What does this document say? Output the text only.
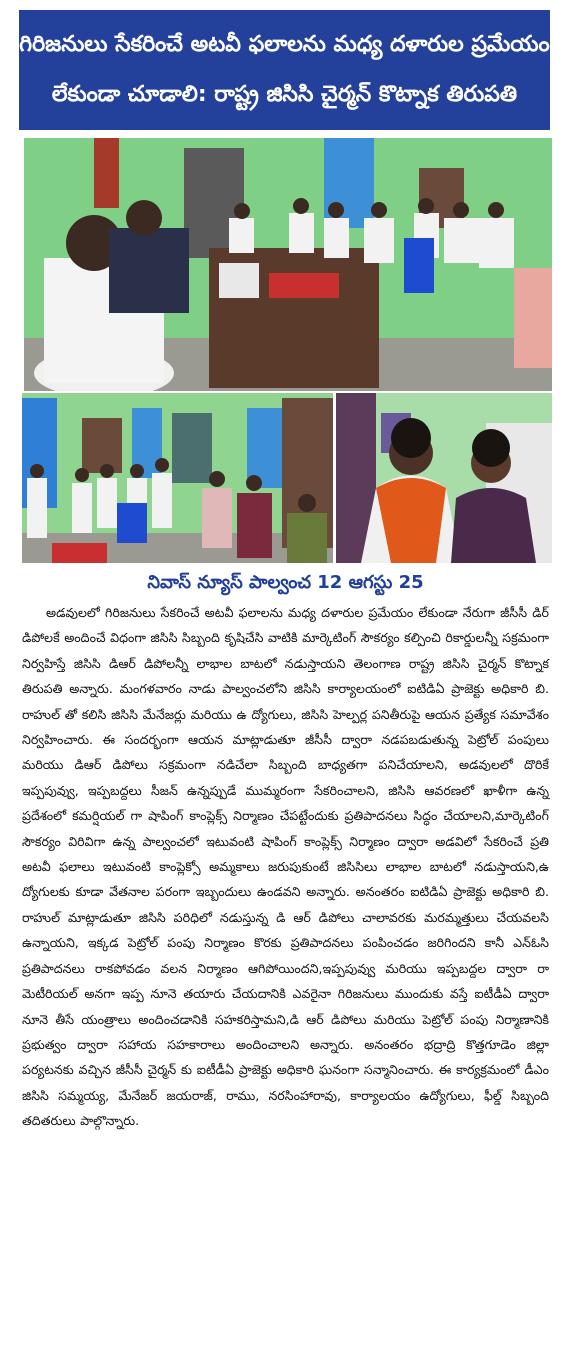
గిరిజనులు సేకరించే అటవీ ఫలాలను మధ్య దళారుల ప్రమేయం
లేకుండా చూడాలి: రాష్ట్ర జిసిసి చైర్మన్ కొట్నాక తిరుపతి
నివాస్ న్యూస్ పాల్వంచ 12 ఆగస్టు 25

అడవులలో గిరిజనులు సేకరించే అటవీ ఫలాలను మధ్య దళారుల ప్రమేయం లేకుండా నేరుగా జీసీసీ డిర్ డిపోలకే అందించే విధంగా జిసిసి సిబ్బంది కృషిచేసి వాటికి మార్కెటింగ్ సౌకర్యం కల్పించి రికార్డులన్నీ సక్రమంగా నిర్వహిస్తే జిసిసి డిఆర్ డిపోలన్నీ లాభాల బాటలో నడుస్తాయని తెలంగాణ రాష్ట్ర జిసిసి చైర్మన్ కొట్నాక తిరుపతి అన్నారు. మంగళవారం నాడు పాల్వంచలోని జిసిసి కార్యాలయంలో ఐటిడిఏ ప్రాజెక్టు అధికారి బి. రాహుల్ తో కలిసి జిసిసి మేనేజర్లు మరియు ఉ ద్యోగులు, జిసిసి హెల్పర్ల పనితీరుపై ఆయన ప్రత్యేక సమావేశం నిర్వహించారు. ఈ సందర్భంగా ఆయన మాట్లాడుతూ జీసీసీ ద్వారా నడపబడుతున్న పెట్రోల్ పంపులు మరియు డిఆర్ డిపోలు సక్రమంగా నడిచేలా సిబ్బంది బాధ్యతగా పనిచేయాలని, అడవులలో దొరికే ఇప్పపువ్వు, ఇప్పబద్దలు సీజన్ ఉన్నప్పుడే ముమ్మరంగా సేకరించాలని, జిసిసి ఆవరణలో ఖాళీగా ఉన్న ప్రదేశంలో కమర్షియల్ గా షాపింగ్ కాంప్లెక్స్ నిర్మాణం చేపట్టేందుకు ప్రతిపాదనలు సిద్ధం చేయాలని,మార్కెటింగ్ సౌకర్యం విరివిగా ఉన్న పాల్వంచలో ఇటువంటి షాపింగ్ కాంప్లెక్స్ నిర్మాణం ద్వారా అడవిలో సేకరించే ప్రతి అటవీ ఫలాలు ఇటువంటి కాంప్లెక్సో అమ్మకాలు జరుపుకుంటే జిసిసిలు లాభాల బాటలో నడుస్తాయని,ఉ ద్యోగులకు కూడా వేతనాల పరంగా ఇబ్బందులు ఉండవని అన్నారు. అనంతరం ఐటిడిఏ ప్రాజెక్టు అధికారి బి. రాహుల్ మాట్లాడుతూ జిసిసి పరిధిలో నడుస్తున్న డి ఆర్ డిపోలు చాలావరకు మరమ్మత్తులు చేయవలసి ఉన్నాయని, ఇక్కడ పెట్రోల్ పంపు నిర్మాణం కొరకు ప్రతిపాదనలు పంపించడం జరిగిందని కానీ ఎన్ఓసి ప్రతిపాదనలు రాకపోవడం వలన నిర్మాణం ఆగిపోయిందని,ఇప్పపువ్వు మరియు ఇప్పబద్దల ద్వారా రా మెటీరియల్ అనగా ఇప్ప నూనె తయారు చేయదానికి ఎవరైనా గిరిజనులు ముందుకు వస్తే ఐటీడీఏ ద్వారా నూనె తీసే యంత్రాలు అందించడానికి సహకరిస్తామని,డి ఆర్ డిపోలు మరియు పెట్రోల్ పంపు నిర్మాణానికి ప్రభుత్వం ద్వారా సహాయ సహకారాలు అందించాలని అన్నారు. అనంతరం భద్రాద్రి కొత్తగూడెం జిల్లా పర్యటనకు వచ్చిన జీసీసీ చైర్మన్ కు ఐటీడీఏ ప్రాజెక్టు అధికారి ఘనంగా సన్మానించారు. ఈ కార్యక్రమంలో డీఎం జిసిసి సమ్మయ్య, మేనేజర్ జయరాజ్, రాము, నరసింహారావు, కార్యాలయం ఉద్యోగులు, ఫీల్డ్ సిబ్బంది తదితరులు పాల్గొన్నారు.
